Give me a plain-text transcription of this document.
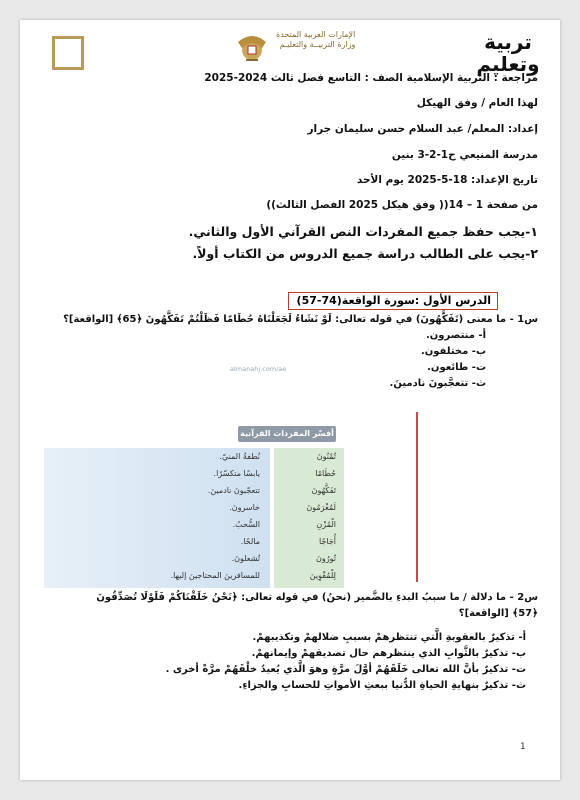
تربية
وتعليم
الإمارات العربية المتحدة
وزارة التربيــة والتعليـم
مراجعة : التربية الإسلامية الصف : التاسع فصل ثالث 2024-2025
لهذا العام / وفق الهيكل
إعداد: المعلم/ عبد السلام حسن سليمان جرار
مدرسة المنيعي ح1-2-3 بنين
تاريخ الإعداد: 18-5-2025 يوم الأحد
من صفحة 1 – 14(( وفق هيكل 2025 الفصل الثالث))
١-يجب حفظ جميع المفردات النص القرآني الأول والثاني.
٢-يجب على الطالب دراسة جميع الدروس من الكتاب أولاً.
الدرس الأول :سورة الواقعة(74-57)
س1 - ما معنى (تَفَكَّهُونَ) في قوله تعالى: لَوْ نَشَاءُ لَجَعَلْنَاهُ حُطَامًا فَظَلْتُمْ تَفَكَّهُونَ ﴿65﴾ [الواقعة]؟
أ- منتصرون.
ب- مختلفون.
ت- طائعون.
ث- تتعجَّبونَ نادمينَ.
almanahj.com/ae
أفسّر المفردات القرآنية
تُمْنُونَ
نُطفةُ المنيّ.
حُطَامًا
يابسًا متكسّرًا.
تَفَكَّهُونَ
تتعجّبونَ نادمينَ.
لَمُغْرَمُونَ
خاسرونَ.
الْمُزْنِ
السُّحبُ.
أُجَاجًا
مالحًا.
تُورُونَ
تُشعلونَ.
لِلْمُقْوِينَ
للمسافرينَ المحتاجينَ إليها.
س2 - ما دلالة / ما سببُ البدءِ بالضَّمير (نحنُ) في قوله تعالى: ﴿نَحْنُ خَلَقْنَاكُمْ فَلَوْلَا تُصَدِّقُونَ
﴿57﴾ [الواقعة]؟
أ- تذكيرٌ بالعقوبةِ الَّتي تنتظرهمْ بسببِ ضلالهمْ وتكذيبهمْ.
ب- تذكيرٌ بالثَّوابِ الذي ينتظرهم حال تصديقهمْ وإيمانهمْ.
ت- تذكيرٌ بأنَّ الله تعالى خَلَقَهُمْ أوَّلَ مرَّةٍ وهوَ الَّذي يُعيدُ خلْقَهُمْ مرَّةً أخرى .
ث- تذكيرٌ بنهايةِ الحياةِ الدُّنيا ببعثِ الأمواتِ للحسابِ والجزاءِ.
1
